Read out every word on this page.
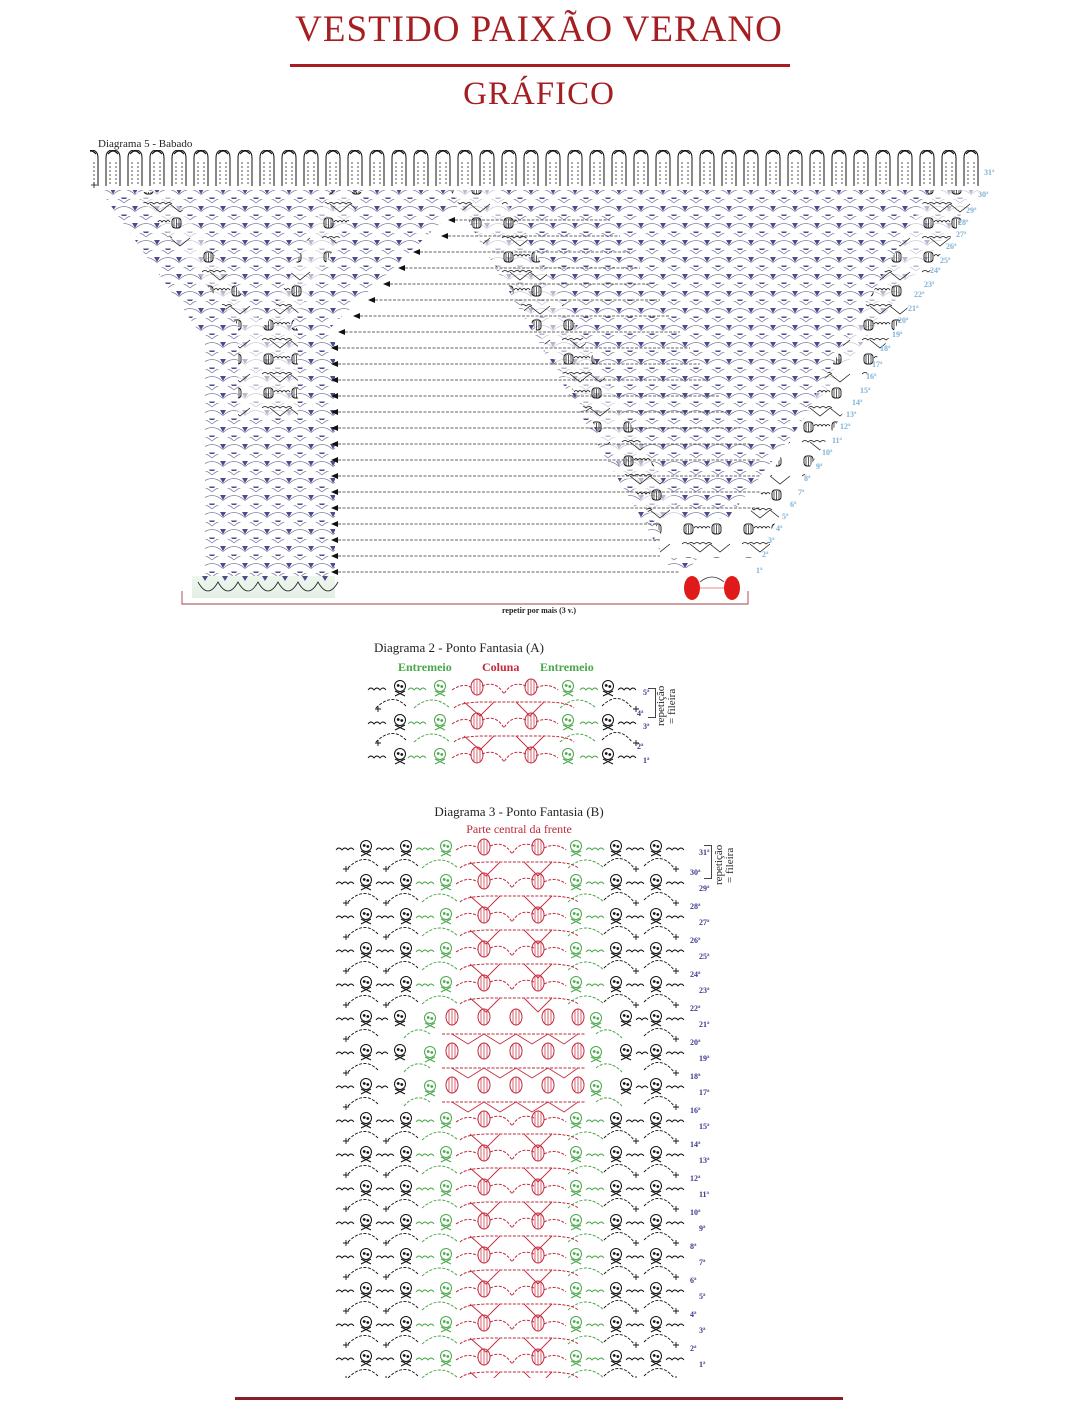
VESTIDO PAIXÃO VERANO
GRÁFICO
Diagrama 5 - Babado
31ª
30ª
29ª
28ª
27ª
26ª
25ª
24ª
23ª
22ª
21ª
20ª
19ª
18ª
17ª
16ª
15ª
14ª
13ª
12ª
11ª
10ª
9ª
8ª
7ª
6ª
5ª
4ª
3ª
2ª
1ª
repetir por mais (3 v.)
Diagrama 2 - Ponto Fantasia (A)
Entremeio	Coluna Entremeio
5ª
4ª
3ª
2ª
1ª
repetição
= fileira
Diagrama 3 - Ponto Fantasia (B)
Parte central da frente
31ª
30ª
29ª
28ª
27ª
26ª
25ª
24ª
23ª
22ª
21ª
20ª
19ª
18ª
17ª
16ª
15ª
14ª
13ª
12ª
11ª
10ª
9ª
8ª
7ª
6ª
5ª
4ª
3ª
2ª
1ª
repetição
= fileira
